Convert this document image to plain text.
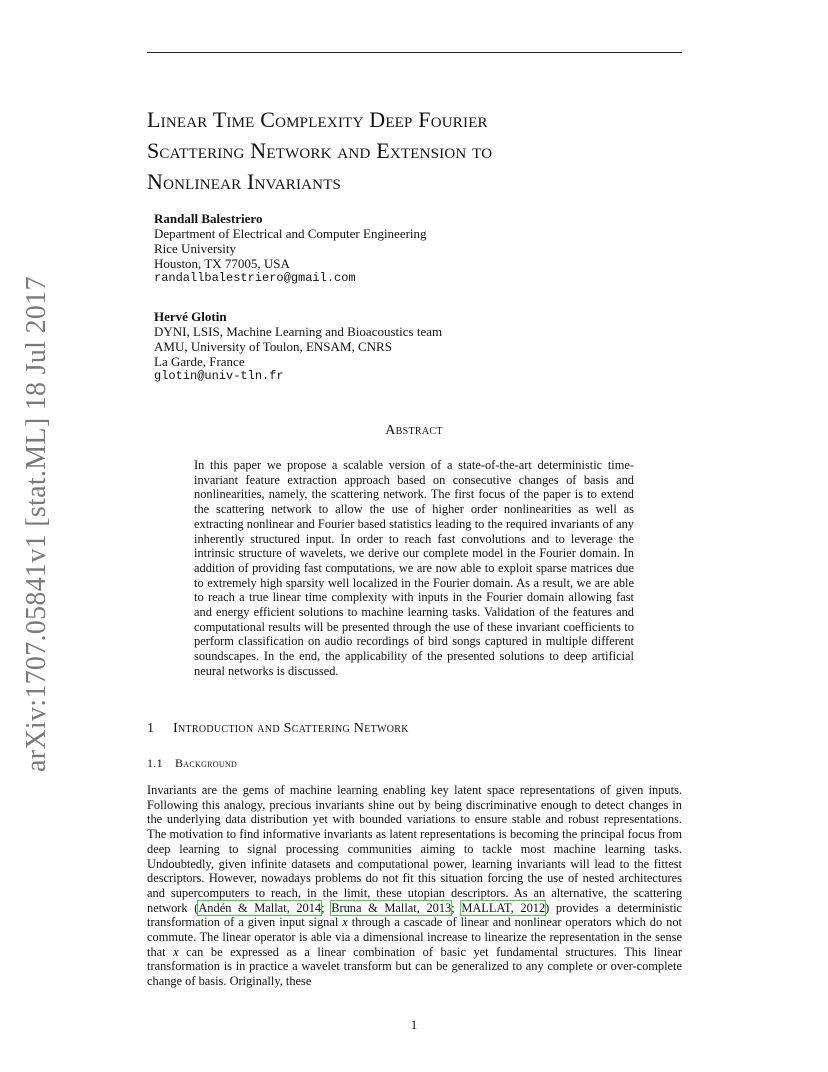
arXiv:1707.05841v1 [stat.ML] 18 Jul 2017
Linear Time Complexity Deep Fourier
Scattering Network and Extension to
Nonlinear Invariants
Randall Balestriero
Department of Electrical and Computer Engineering
Rice University
Houston, TX 77005, USA
randallbalestriero@gmail.com
Hervé Glotin
DYNI, LSIS, Machine Learning and Bioacoustics team
AMU, University of Toulon, ENSAM, CNRS
La Garde, France
glotin@univ-tln.fr
Abstract
In this paper we propose a scalable version of a state-of-the-art deterministic time-invariant feature extraction approach based on consecutive changes of basis and nonlinearities, namely, the scattering network. The first focus of the paper is to extend the scattering network to allow the use of higher order nonlinearities as well as extracting nonlinear and Fourier based statistics leading to the required invariants of any inherently structured input. In order to reach fast convolutions and to leverage the intrinsic structure of wavelets, we derive our complete model in the Fourier domain. In addition of providing fast computations, we are now able to exploit sparse matrices due to extremely high sparsity well localized in the Fourier domain. As a result, we are able to reach a true linear time complexity with inputs in the Fourier domain allowing fast and energy efficient solutions to machine learning tasks. Validation of the features and computational results will be presented through the use of these invariant coefficients to perform classification on audio recordings of bird songs captured in multiple different soundscapes. In the end, the applicability of the presented solutions to deep artificial neural networks is discussed.
1 Introduction and Scattering Network
1.1 Background
Invariants are the gems of machine learning enabling key latent space representations of given inputs. Following this analogy, precious invariants shine out by being discriminative enough to detect changes in the underlying data distribution yet with bounded variations to ensure stable and robust representations. The motivation to find informative invariants as latent representations is becoming the principal focus from deep learning to signal processing communities aiming to tackle most machine learning tasks. Undoubtedly, given infinite datasets and computational power, learning invariants will lead to the fittest descriptors. However, nowadays problems do not fit this situation forcing the use of nested architectures and supercomputers to reach, in the limit, these utopian descriptors. As an alternative, the scattering network (Andén & Mallat, 2014; Bruna & Mallat, 2013; MALLAT, 2012) provides a deterministic transformation of a given input signal x through a cascade of linear and nonlinear operators which do not commute. The linear operator is able via a dimensional increase to linearize the representation in the sense that x can be expressed as a linear combination of basic yet fundamental structures. This linear transformation is in practice a wavelet transform but can be generalized to any complete or over-complete change of basis. Originally, these
1
